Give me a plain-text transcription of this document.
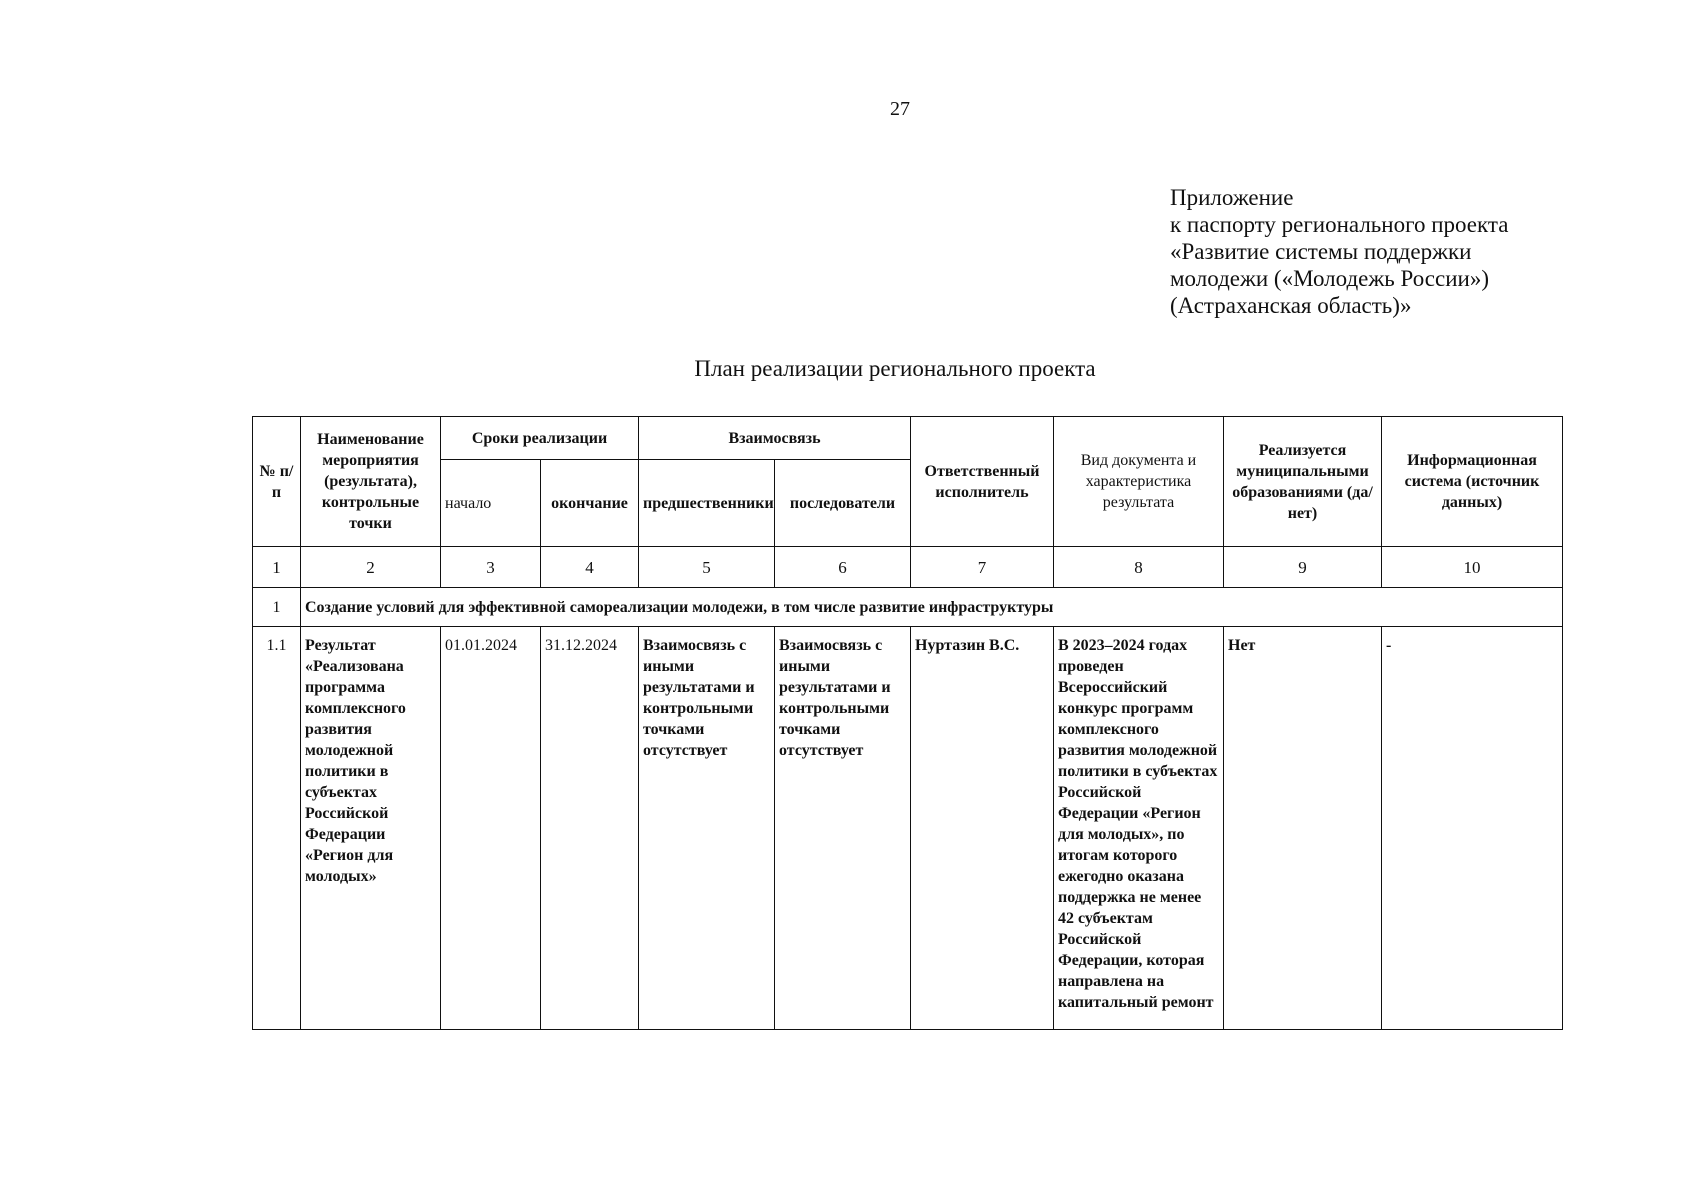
27
Приложение
к паспорту регионального проекта
«Развитие системы поддержки
молодежи («Молодежь России»)
(Астраханская область)»
План реализации регионального проекта
№ п/п	Наименование мероприятия (результата), контрольные точки	Сроки реализации		Взаимосвязь		Ответственный исполнитель	Вид документа и характеристика результата	Реализуется муниципальными образованиями (да/ нет)	Информационная система (источник данных)
		начало	окончание	предшественники	последователи				
1	2	3	4	5	6	7	8	9	10
1	Создание условий для эффективной самореализации молодежи, в том числе развитие инфраструктуры								
1.1	Результат «Реализована программа комплексного развития молодежной политики в субъектах Российской Федерации «Регион для молодых»	01.01.2024	31.12.2024	Взаимосвязь с иными результатами и контрольными точками отсутствует	Взаимосвязь с иными результатами и контрольными точками отсутствует	Нуртазин В.С.	В 2023–2024 годах проведен Всероссийский конкурс программ комплексного развития молодежной политики в субъектах Российской Федерации «Регион для молодых», по итогам которого ежегодно оказана поддержка не менее 42 субъектам Российской Федерации, которая направлена на капитальный ремонт	Нет	-
